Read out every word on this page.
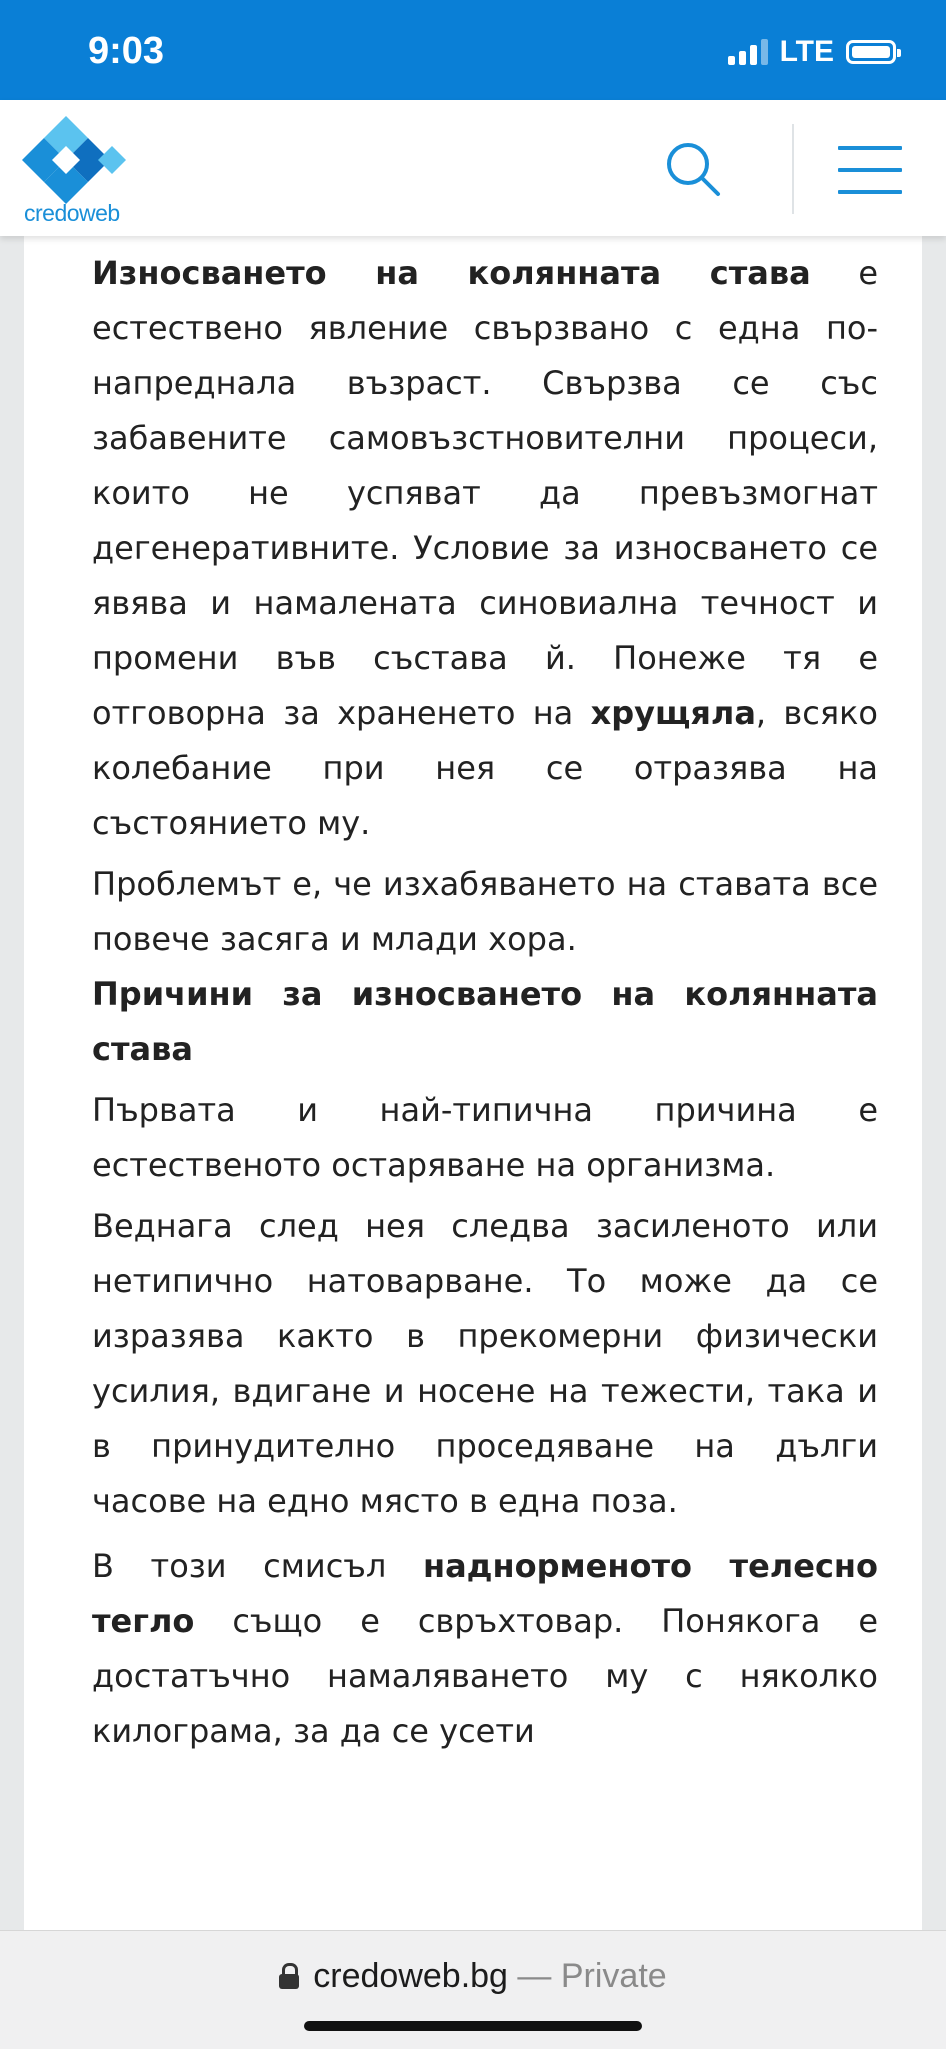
9:03	LTE
credoweb

Износването на колянната става е естествено явление свързвано с една по-напреднала възраст. Свързва се със забавените самовъзстновителни процеси, които не успяват да превъзмогнат дегенеративните. Условие за износването се явява и намалената синовиална течност и промени във състава й. Понеже тя е отговорна за храненето на хрущяла, всяко колебание при нея се отразява на състоянието му.

Проблемът е, че изхабяването на ставата все повече засяга и млади хора.

Причини за износването на колянната става

Първата и най-типична причина е естественото остаряване на организма.

Веднага след нея следва засиленото или нетипично натоварване. То може да се изразява както в прекомерни физически усилия, вдигане и носене на тежести, така и в принудително проседяване на дълги часове на едно място в една поза.

В този смисъл наднорменото телесно тегло също е свръхтовар. Понякога е достатъчно намаляването му с няколко килограма, за да се усети

credoweb.bg — Private
